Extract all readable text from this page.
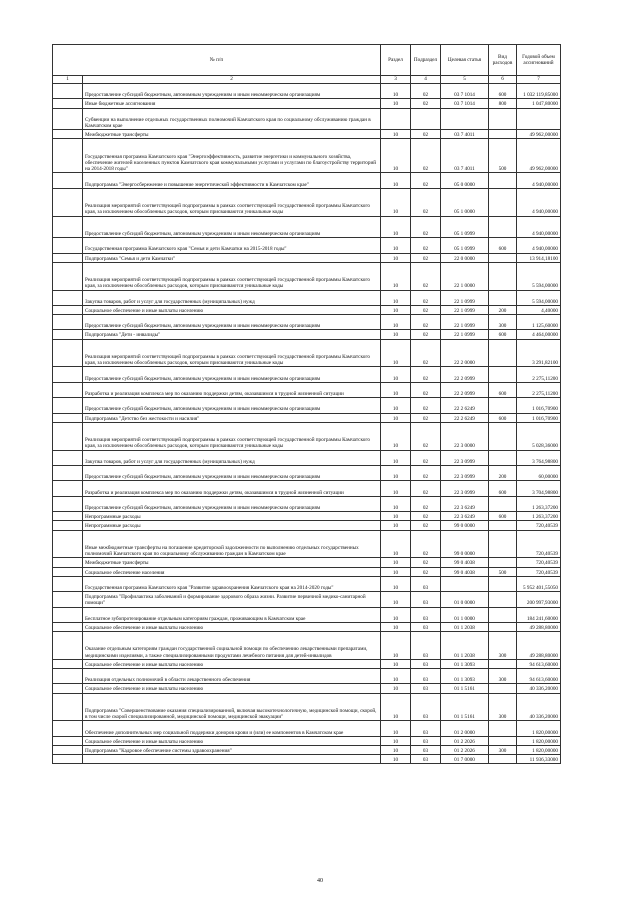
№ п/п		Раздел	Подраздел	Целевая статья	Вид расходов	Годовой объем ассигнований
1	2	3	4	5	6	7
	Предоставление субсидий бюджетным, автономным учреждениям и иным некоммерческим организациям	10	02	03 7 1014	600	1 032 119,85000
	Иные бюджетные ассигнования	10	02	03 7 1014	800	1 047,80000
	Субвенции на выполнение отдельных государственных полномочий Камчатского края по социальному обслуживанию граждан в Камчатском крае					
	Межбюджетные трансферты	10	02	03 7 4011		49 962,00000
	Государственная программа Камчатского края "Энергоэффективность, развитие энергетики и коммунального хозяйства, обеспечение жителей населенных пунктов Камчатского края коммунальными услугами и услугами по благоустройству территорий на 2014-2018 годы"	10	02	03 7 4011	500	49 962,00000
	Подпрограмма "Энергосбережение и повышение энергетической эффективности в Камчатском крае"	10	02	05 0 0000		4 940,00000
	Реализация мероприятий соответствующей подпрограммы в рамках соответствующей государственной программы Камчатского края, за исключением обособленных расходов, которым присваиваются уникальные коды	10	02	05 1 0000		4 940,00000
	Предоставление субсидий бюджетным, автономным учреждениям и иным некоммерческим организациям	10	02	05 1 0999		4 940,00000
	Государственная программа Камчатского края "Семья и дети Камчатки на 2015-2018 годы"	10	02	05 1 0999	600	4 940,00000
	Подпрограмма "Семья и дети Камчатки"	10	02	22 0 0000		13 914,18100
	Реализация мероприятий соответствующей подпрограммы в рамках соответствующей государственной программы Камчатского края, за исключением обособленных расходов, которым присваиваются уникальные коды	10	02	22 1 0000		5 594,00000
	Закупка товаров, работ и услуг для государственных (муниципальных) нужд	10	02	22 1 0999		5 594,00000
	Социальное обеспечение и иные выплаты населению	10	02	22 1 0999	200	4,40000
	Предоставление субсидий бюджетным, автономным учреждениям и иным некоммерческим организациям	10	02	22 1 0999	300	1 125,60000
	Подпрограмма "Дети - инвалиды"	10	02	22 1 0999	600	4 464,00000
	Реализация мероприятий соответствующей подпрограммы в рамках соответствующей государственной программы Камчатского края, за исключением обособленных расходов, которым присваиваются уникальные коды	10	02	22 2 0000		3 291,82100
	Предоставление субсидий бюджетным, автономным учреждениям и иным некоммерческим организациям	10	02	22 2 0999		2 275,11200
	Разработка и реализация комплекса мер по оказанию поддержки детям, оказавшимся в трудной жизненной ситуации	10	02	22 2 0999	600	2 275,11200
	Предоставление субсидий бюджетным, автономным учреждениям и иным некоммерческим организациям	10	02	22 2 6249		1 016,70900
	Подпрограмма "Детство без жестокости и насилия"	10	02	22 2 6249	600	1 016,70900
	Реализация мероприятий соответствующей подпрограммы в рамках соответствующей государственной программы Камчатского края, за исключением обособленных расходов, которым присваиваются уникальные коды	10	02	22 3 0000		5 028,36000
	Закупка товаров, работ и услуг для государственных (муниципальных) нужд	10	02	22 3 0999		3 764,98800
	Предоставление субсидий бюджетным, автономным учреждениям и иным некоммерческим организациям	10	02	22 3 0999	200	60,00000
	Разработка и реализация комплекса мер по оказанию поддержки детям, оказавшимся в трудной жизненной ситуации	10	02	22 3 0999	600	3 704,98800
	Предоставление субсидий бюджетным, автономным учреждениям и иным некоммерческим организациям	10	02	22 3 6249		1 263,37200
	Непрограммные расходы	10	02	22 3 6249	600	1 263,37200
	Непрограммные расходы	10	02	99 0 0000		720,40539
	Иные межбюджетные трансферты на погашение кредиторской задолженности по выполнению отдельных государственных полномочий Камчатского края по социальному обслуживанию граждан в Камчатском крае	10	02	99 0 0000		720,40539
	Межбюджетные трансферты	10	02	99 0 4038		720,40539
	Социальное обеспечение населения	10	02	99 0 4038	500	720,40539
	Государственная программа Камчатского края "Развитие здравоохранения Камчатского края на 2014-2020 годы"	10	03			5 952 401,55050
	Подпрограмма "Профилактика заболеваний и формирование здорового образа жизни. Развитие первичной медико-санитарной помощи"	10	03	01 0 0000		200 997,93000
	Бесплатное зубопротезирование отдельным категориям граждан, проживающим в Камчатском крае	10	03	01 1 0000		184 241,60000
	Социальное обеспечение и иные выплаты населению	10	03	01 1 2038		49 288,80000
	Оказание отдельным категориям граждан государственной социальной помощи по обеспечению лекарственными препаратами, медицинскими изделиями, а также специализированными продуктами лечебного питания для детей-инвалидов	10	03	01 1 2038	300	49 288,80000
	Социальное обеспечение и иные выплаты населению	10	03	01 1 3093		94 613,60000
	Реализация отдельных полномочий в области лекарственного обеспечения	10	03	01 1 3093	300	94 613,60000
	Социальное обеспечение и иные выплаты населению	10	03	01 1 5161		40 336,20000
	Подпрограмма "Совершенствование оказания специализированной, включая высокотехнологичную, медицинской помощи, скорой, в том числе скорой специализированной, медицинской помощи, медицинской эвакуации"	10	03	01 1 5161	300	40 336,20000
	Обеспечение дополнительных мер социальной поддержки доноров крови и (или) ее компонентов в Камчатском крае	10	03	01 2 0000		1 820,00000
	Социальное обеспечение и иные выплаты населению	10	03	01 2 2026		1 820,00000
	Подпрограмма "Кадровое обеспечение системы здравоохранения"	10	03	01 2 2026	300	1 820,00000
		10	03	01 7 0000		11 936,33000
40
